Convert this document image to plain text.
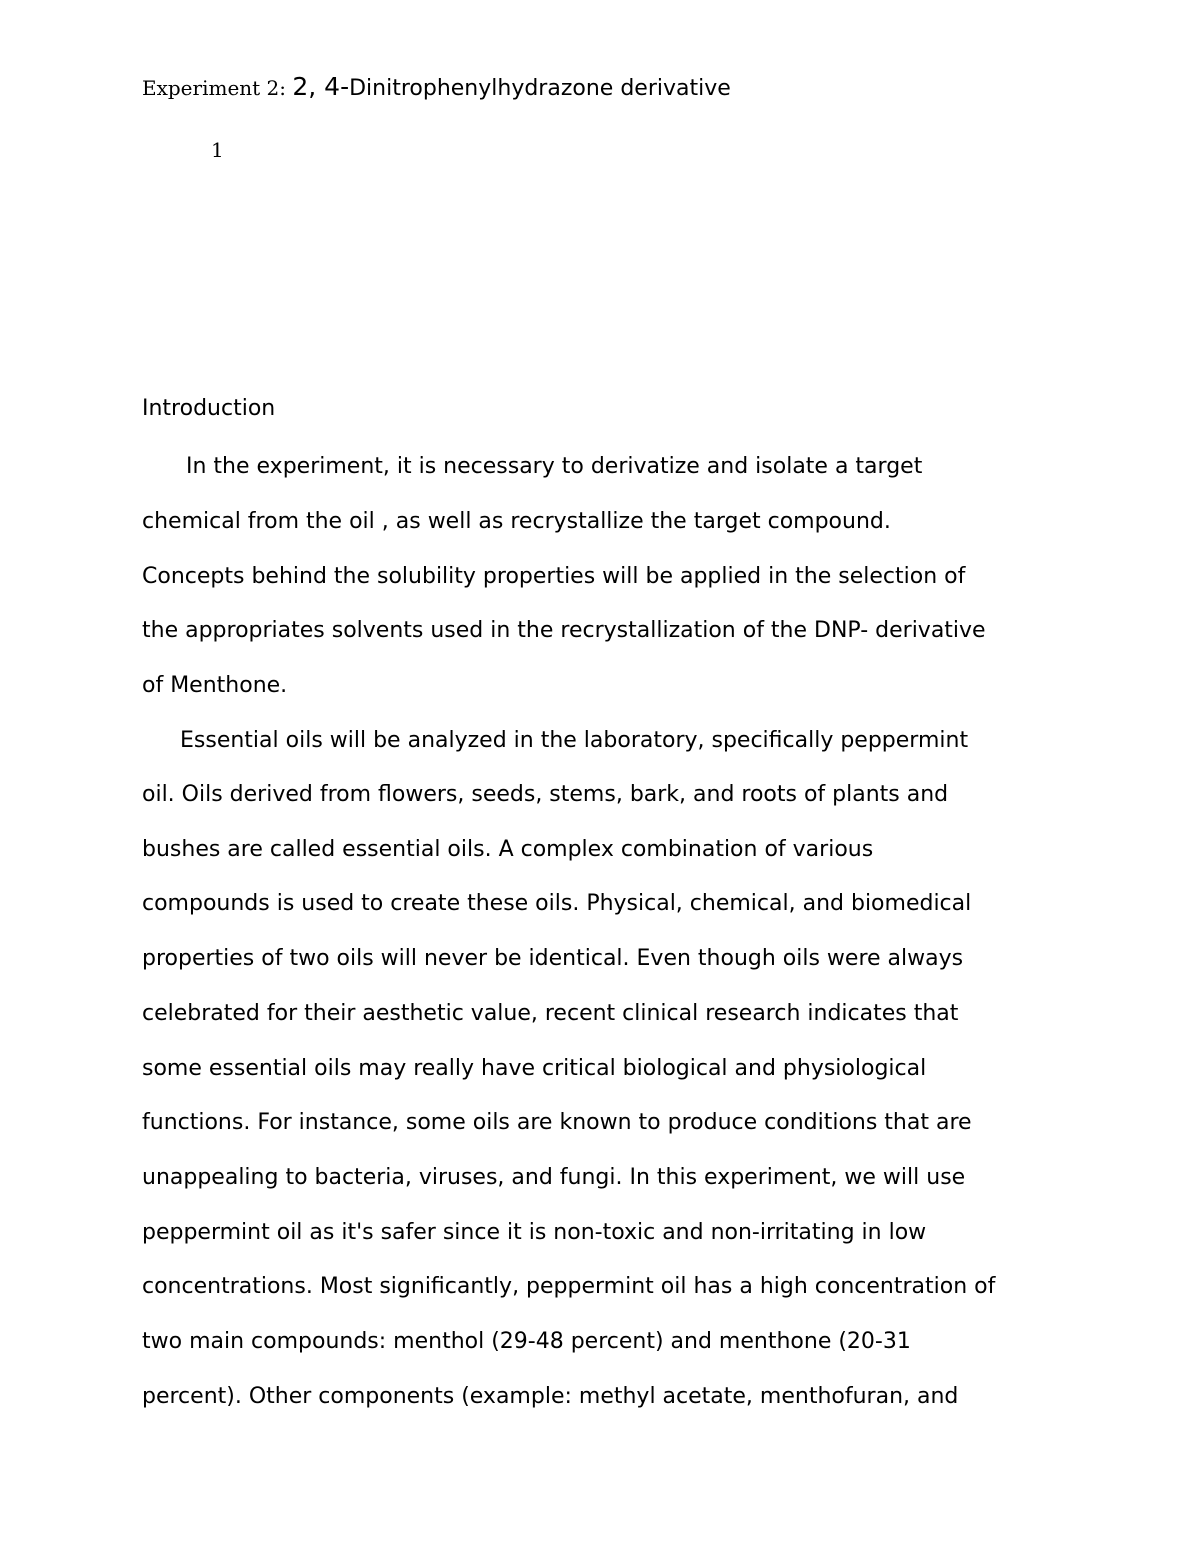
Experiment 2: 2, 4-Dinitrophenylhydrazone derivative
1
Introduction
In the experiment, it is necessary to derivatize and isolate a target
chemical from the oil , as well as recrystallize the target compound.
Concepts behind the solubility properties will be applied in the selection of
the appropriates solvents used in the recrystallization of the DNP- derivative
of Menthone.
Essential oils will be analyzed in the laboratory, specifically peppermint
oil. Oils derived from flowers, seeds, stems, bark, and roots of plants and
bushes are called essential oils. A complex combination of various
compounds is used to create these oils. Physical, chemical, and biomedical
properties of two oils will never be identical. Even though oils were always
celebrated for their aesthetic value, recent clinical research indicates that
some essential oils may really have critical biological and physiological
functions. For instance, some oils are known to produce conditions that are
unappealing to bacteria, viruses, and fungi. In this experiment, we will use
peppermint oil as it's safer since it is non-toxic and non-irritating in low
concentrations. Most significantly, peppermint oil has a high concentration of
two main compounds: menthol (29-48 percent) and menthone (20-31
percent). Other components (example: methyl acetate, menthofuran, and
